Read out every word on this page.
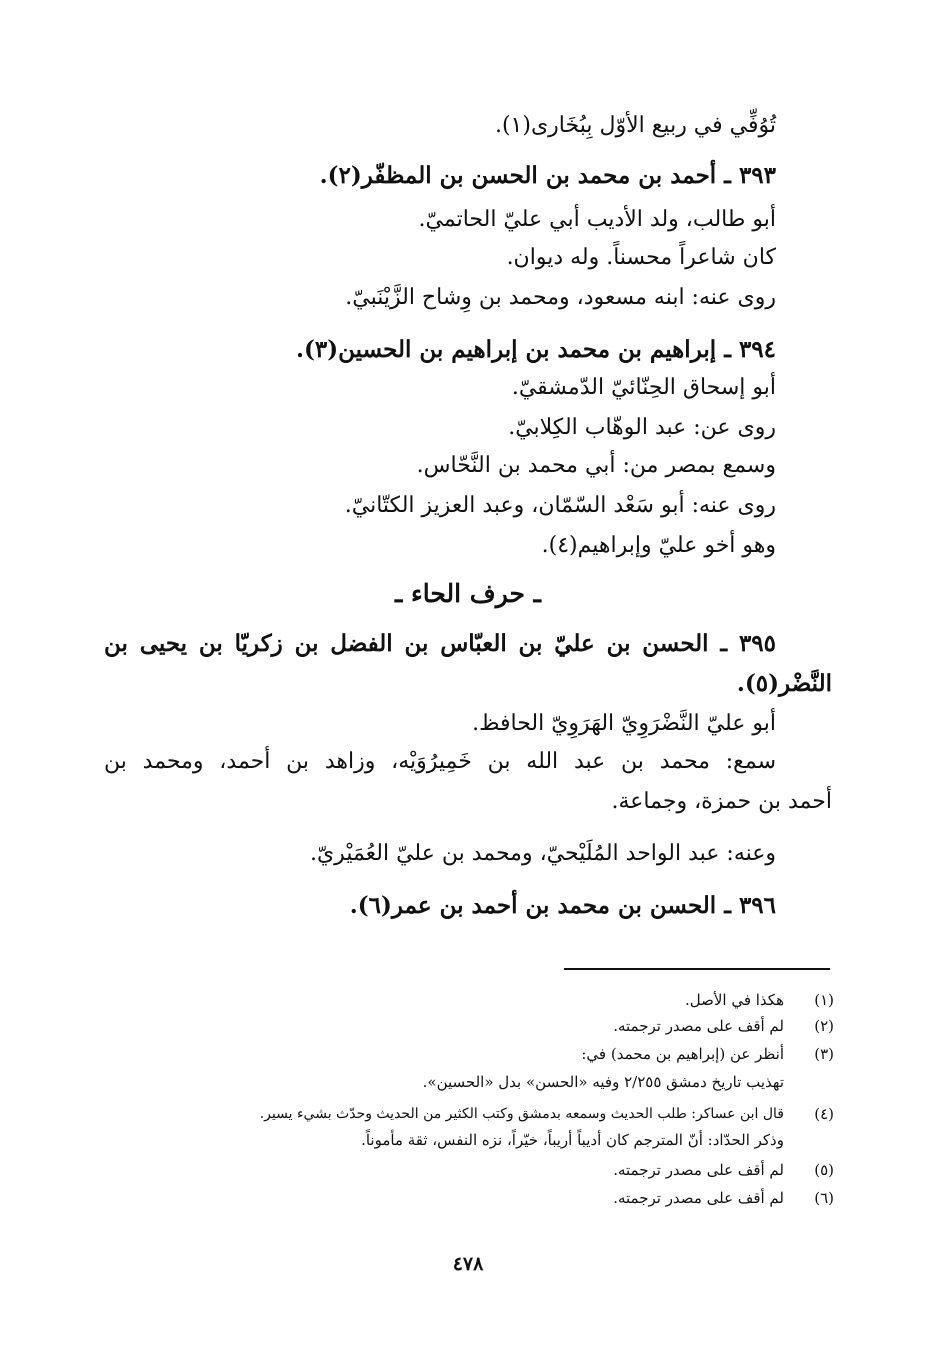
تُوُفِّي في ربيع الأوّل بِبُخَارى(١).
٣٩٣ ـ أحمد بن محمد بن الحسن بن المظفّر(٢).
أبو طالب، ولد الأديب أبي عليّ الحاتميّ.
كان شاعراً محسناً. وله ديوان.
روى عنه: ابنه مسعود، ومحمد بن وِشاح الزَّيْنَبيّ.
٣٩٤ ـ إبراهيم بن محمد بن إبراهيم بن الحسين(٣).
أبو إسحاق الحِنّائيّ الدّمشقيّ.
روى عن: عبد الوهّاب الكِلابيّ.
وسمع بمصر من: أبي محمد بن النَّحّاس.
روى عنه: أبو سَعْد السّمّان، وعبد العزيز الكتّانيّ.
وهو أخو عليّ وإبراهيم(٤).
ـ حرف الحاء ـ
٣٩٥ ـ الحسن بن عليّ بن العبّاس بن الفضل بن زكريّا بن يحيى بن
النَّضْر(٥).
أبو عليّ النَّضْرَوِيّ الهَرَوِيّ الحافظ.
سمع: محمد بن عبد الله بن خَمِيرُوَيْه، وزاهد بن أحمد، ومحمد بن
أحمد بن حمزة، وجماعة.
وعنه: عبد الواحد المُلَيْحيّ، ومحمد بن عليّ العُمَيْريّ.
٣٩٦ ـ الحسن بن محمد بن أحمد بن عمر(٦).
(١)
هكذا في الأصل.
(٢)
لم أقف على مصدر ترجمته.
(٣)
أنظر عن (إبراهيم بن محمد) في:
تهذيب تاريخ دمشق ٢/٢٥٥ وفيه «الحسن» بدل «الحسين».
(٤)
قال ابن عساكر: طلب الحديث وسمعه بدمشق وكتب الكثير من الحديث وحدّث بشيء يسير.
وذكر الحدّاد: أنّ المترجم كان أديباً أريباً، خيّراً، نزه النفس، ثقة مأموناً.
(٥)
لم أقف على مصدر ترجمته.
(٦)
لم أقف على مصدر ترجمته.
٤٧٨
